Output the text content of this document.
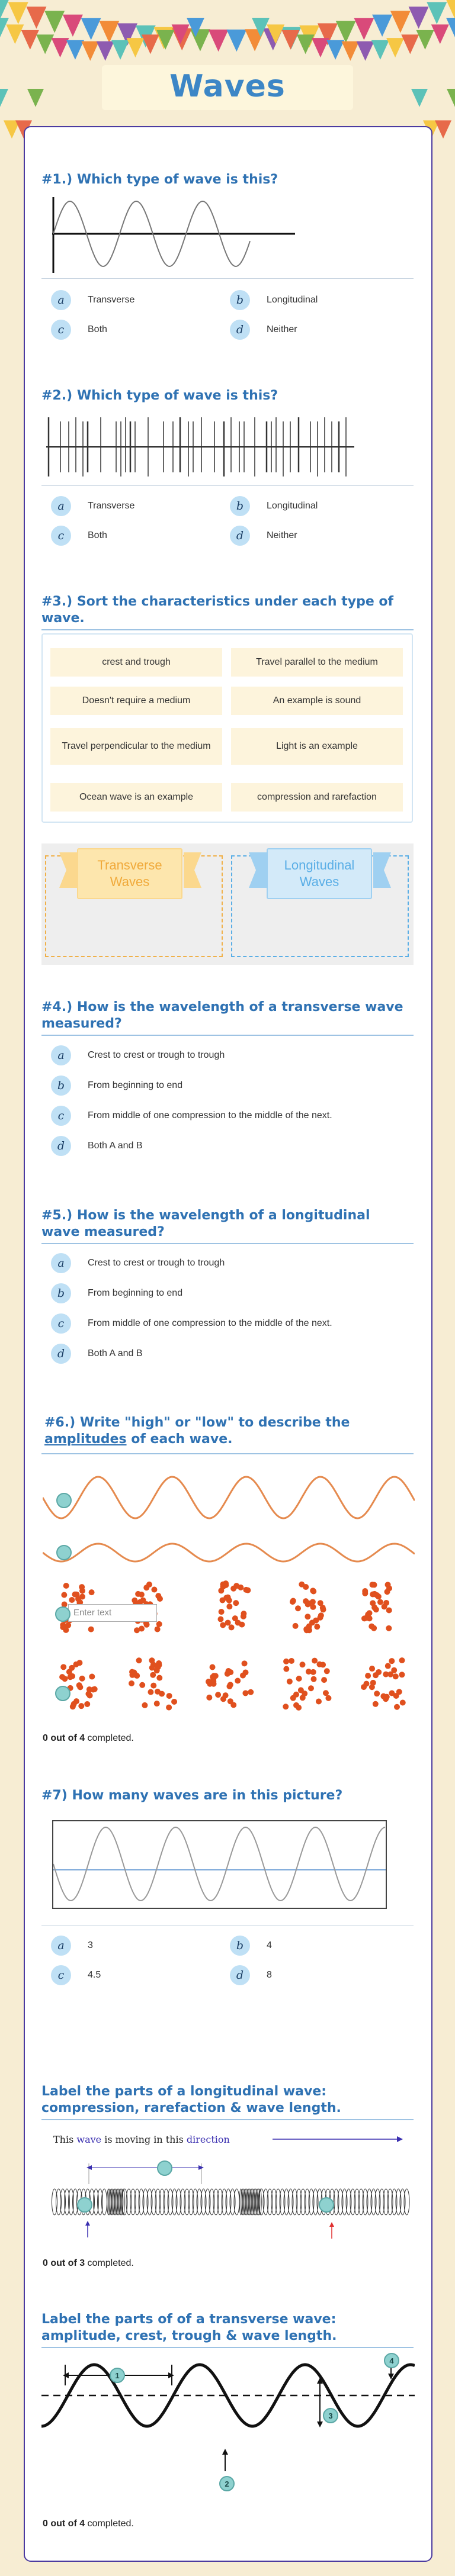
Waves
#1.) Which type of wave is this?
a	Transverse	b	Longitudinal
c	Both	d	Neither
#2.) Which type of wave is this?
a	Transverse	b	Longitudinal
c	Both	d	Neither
#3.) Sort the characteristics under each type of wave.
crest and trough	Travel parallel to the medium
Doesn't require a medium	An example is sound
Travel perpendicular to the medium	Light is an example
Ocean wave is an example	compression and rarefaction
Transverse Waves
Longitudinal Waves
#4.) How is the wavelength of a transverse wave measured?
a	Crest to crest or trough to trough
b	From beginning to end
c	From middle of one compression to the middle of the next.
d	Both A and B
#5.) How is the wavelength of a longitudinal wave measured?
a	Crest to crest or trough to trough
b	From beginning to end
c	From middle of one compression to the middle of the next.
d	Both A and B
#6.) Write "high" or "low" to describe the
amplitudes of each wave.
Enter text
0 out of 4 completed.
#7) How many waves are in this picture?
a	3	b	4
c	4.5	d	8
Label the parts of a longitudinal wave: compression, rarefaction & wave length.
This wave is moving in this direction
0 out of 3 completed.
Label the parts of of a transverse wave: amplitude, crest, trough & wave length.
1
2
3
4
0 out of 4 completed.
